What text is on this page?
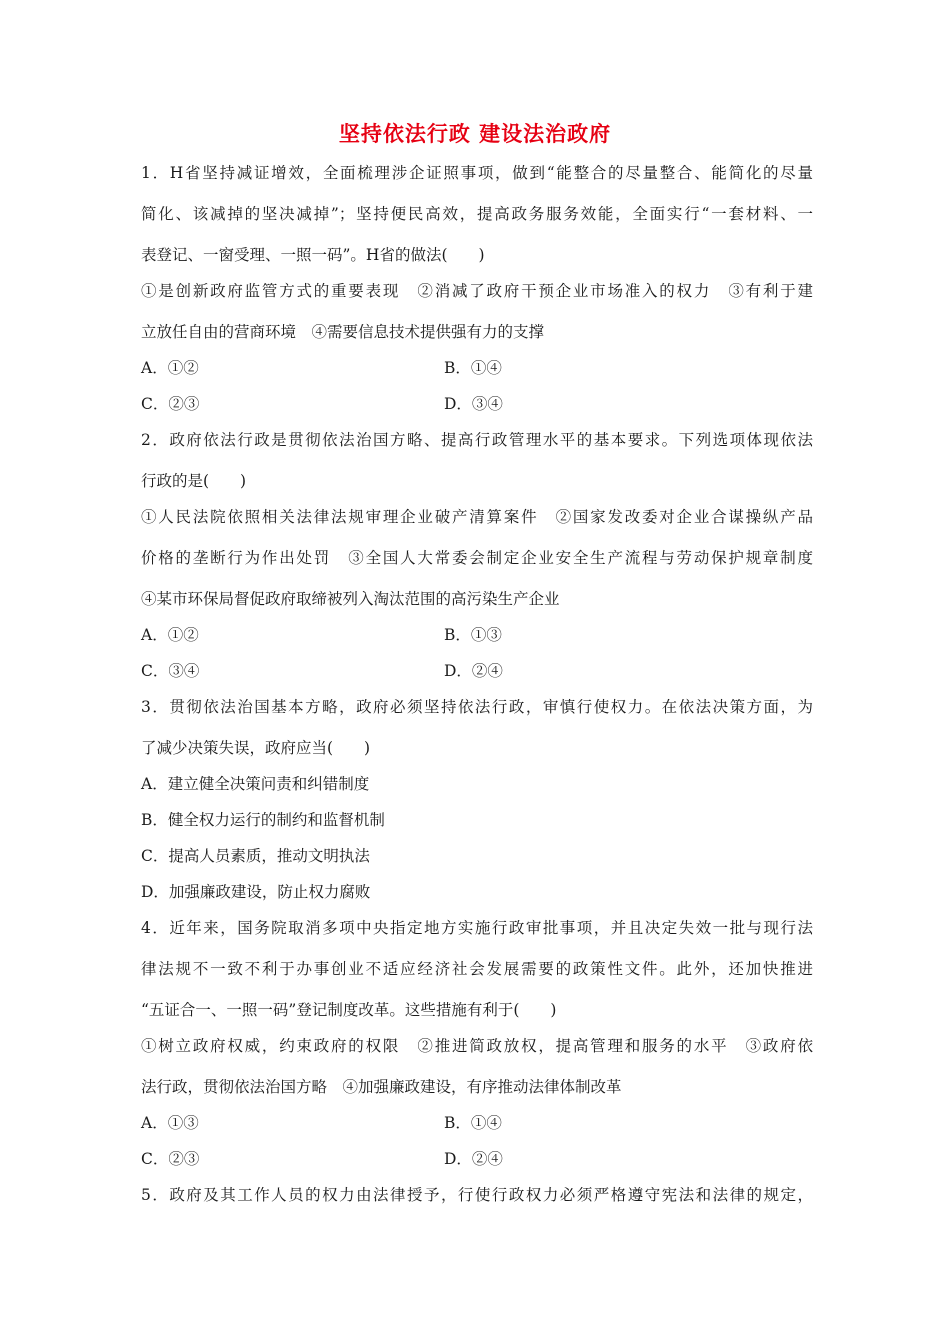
坚持依法行政 建设法治政府
1．H省坚持减证增效，全面梳理涉企证照事项，做到“能整合的尽量整合、能简化的尽量
简化、该减掉的坚决减掉”；坚持便民高效，提高政务服务效能，全面实行“一套材料、一
表登记、一窗受理、一照一码”。H省的做法(　　)
①是创新政府监管方式的重要表现　②消减了政府干预企业市场准入的权力　③有利于建
立放任自由的营商环境　④需要信息技术提供强有力的支撑
A．①②	B．①④
C．②③	D．③④
2．政府依法行政是贯彻依法治国方略、提高行政管理水平的基本要求。下列选项体现依法
行政的是(　　)
①人民法院依照相关法律法规审理企业破产清算案件　②国家发改委对企业合谋操纵产品
价格的垄断行为作出处罚　③全国人大常委会制定企业安全生产流程与劳动保护规章制度
④某市环保局督促政府取缔被列入淘汰范围的高污染生产企业
A．①②	B．①③
C．③④	D．②④
3．贯彻依法治国基本方略，政府必须坚持依法行政，审慎行使权力。在依法决策方面，为
了减少决策失误，政府应当(　　)
A．建立健全决策问责和纠错制度
B．健全权力运行的制约和监督机制
C．提高人员素质，推动文明执法
D．加强廉政建设，防止权力腐败
4．近年来，国务院取消多项中央指定地方实施行政审批事项，并且决定失效一批与现行法
律法规不一致不利于办事创业不适应经济社会发展需要的政策性文件。此外，还加快推进
“五证合一、一照一码”登记制度改革。这些措施有利于(　　)
①树立政府权威，约束政府的权限　②推进简政放权，提高管理和服务的水平　③政府依
法行政，贯彻依法治国方略　④加强廉政建设，有序推动法律体制改革
A．①③	B．①④
C．②③	D．②④
5．政府及其工作人员的权力由法律授予，行使行政权力必须严格遵守宪法和法律的规定，
